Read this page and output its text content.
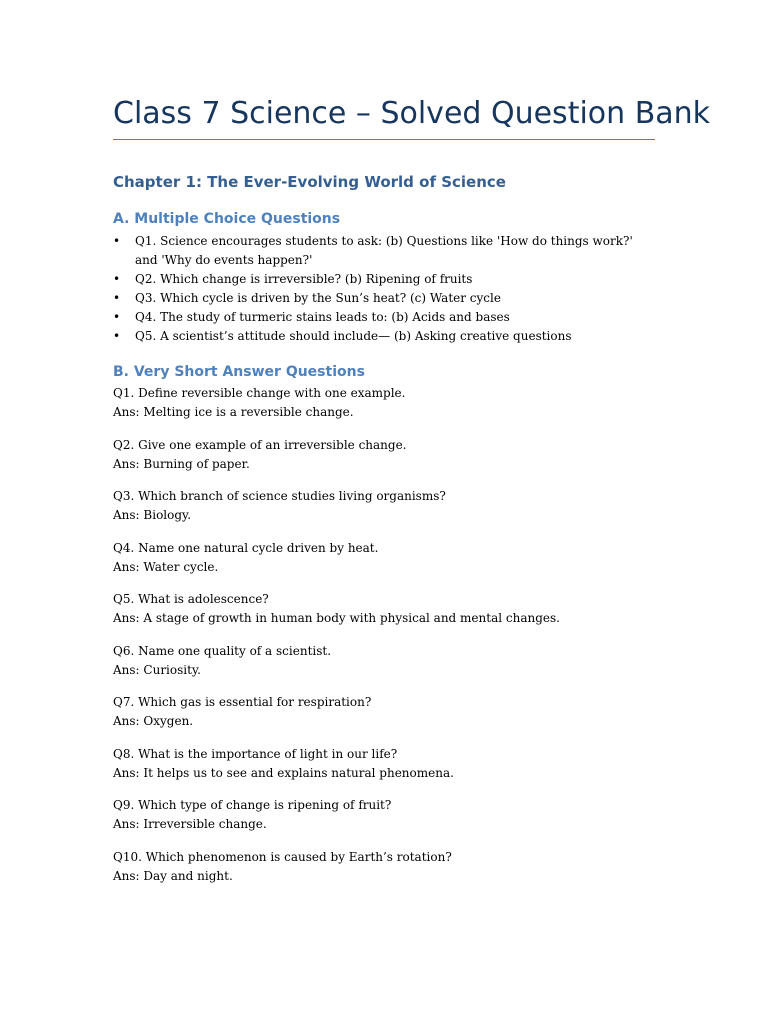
Class 7 Science – Solved Question Bank
Chapter 1: The Ever-Evolving World of Science
A. Multiple Choice Questions
• Q1. Science encourages students to ask: (b) Questions like 'How do things work?' and 'Why do events happen?'
• Q2. Which change is irreversible? (b) Ripening of fruits
• Q3. Which cycle is driven by the Sun’s heat? (c) Water cycle
• Q4. The study of turmeric stains leads to: (b) Acids and bases
• Q5. A scientist’s attitude should include— (b) Asking creative questions
B. Very Short Answer Questions
Q1. Define reversible change with one example.
Ans: Melting ice is a reversible change.
Q2. Give one example of an irreversible change.
Ans: Burning of paper.
Q3. Which branch of science studies living organisms?
Ans: Biology.
Q4. Name one natural cycle driven by heat.
Ans: Water cycle.
Q5. What is adolescence?
Ans: A stage of growth in human body with physical and mental changes.
Q6. Name one quality of a scientist.
Ans: Curiosity.
Q7. Which gas is essential for respiration?
Ans: Oxygen.
Q8. What is the importance of light in our life?
Ans: It helps us to see and explains natural phenomena.
Q9. Which type of change is ripening of fruit?
Ans: Irreversible change.
Q10. Which phenomenon is caused by Earth’s rotation?
Ans: Day and night.
